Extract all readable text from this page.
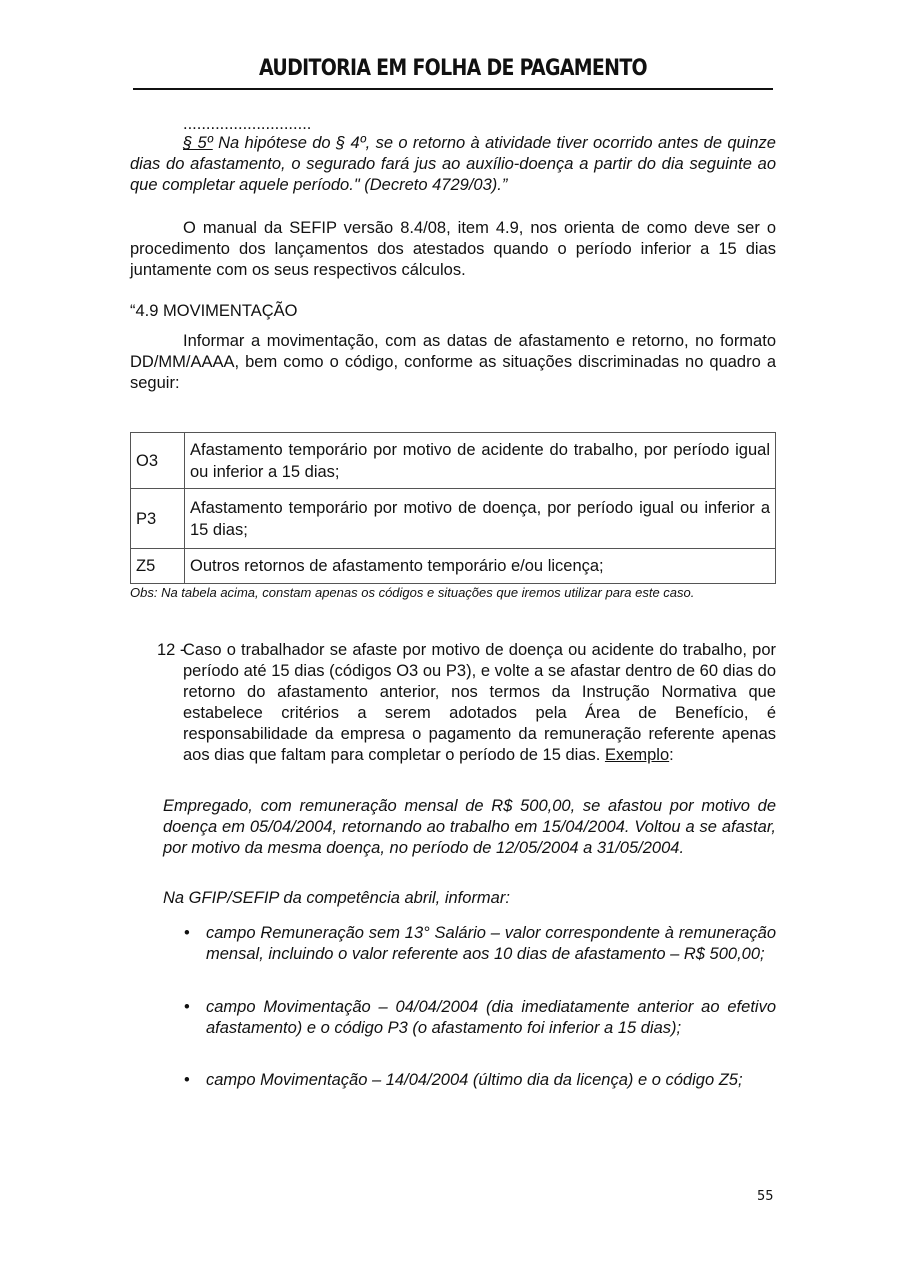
AUDITORIA EM FOLHA DE PAGAMENTO
............................
§ 5º Na hipótese do § 4º, se o retorno à atividade tiver ocorrido antes de quinze dias do afastamento, o segurado fará jus ao auxílio-doença a partir do dia seguinte ao que completar aquele período." (Decreto 4729/03).”
O manual da SEFIP versão 8.4/08, item 4.9, nos orienta de como deve ser o procedimento dos lançamentos dos atestados quando o período inferior a 15 dias juntamente com os seus respectivos cálculos.
“4.9 MOVIMENTAÇÃO
Informar a movimentação, com as datas de afastamento e retorno, no formato DD/MM/AAAA, bem como o código, conforme as situações discriminadas no quadro a seguir:
O3	Afastamento temporário por motivo de acidente do trabalho, por período igual ou inferior a 15 dias;
P3	Afastamento temporário por motivo de doença, por período igual ou inferior a 15 dias;
Z5	Outros retornos de afastamento temporário e/ou licença;
Obs: Na tabela acima, constam apenas os códigos e situações que iremos utilizar para este caso.
12 -
Caso o trabalhador se afaste por motivo de doença ou acidente do trabalho, por período até 15 dias (códigos O3 ou P3), e volte a se afastar dentro de 60 dias do retorno do afastamento anterior, nos termos da Instrução Normativa que estabelece critérios a serem adotados pela Área de Benefício, é responsabilidade da empresa o pagamento da remuneração referente apenas aos dias que faltam para completar o período de 15 dias. Exemplo:
Empregado, com remuneração mensal de R$ 500,00, se afastou por motivo de doença em 05/04/2004, retornando ao trabalho em 15/04/2004. Voltou a se afastar, por motivo da mesma doença, no período de 12/05/2004 a 31/05/2004.
Na GFIP/SEFIP da competência abril, informar:
• campo Remuneração sem 13° Salário – valor correspondente à remuneração mensal, incluindo o valor referente aos 10 dias de afastamento – R$ 500,00;
• campo Movimentação – 04/04/2004 (dia imediatamente anterior ao efetivo afastamento) e o código P3 (o afastamento foi inferior a 15 dias);
• campo Movimentação – 14/04/2004 (último dia da licença) e o código Z5;
55
